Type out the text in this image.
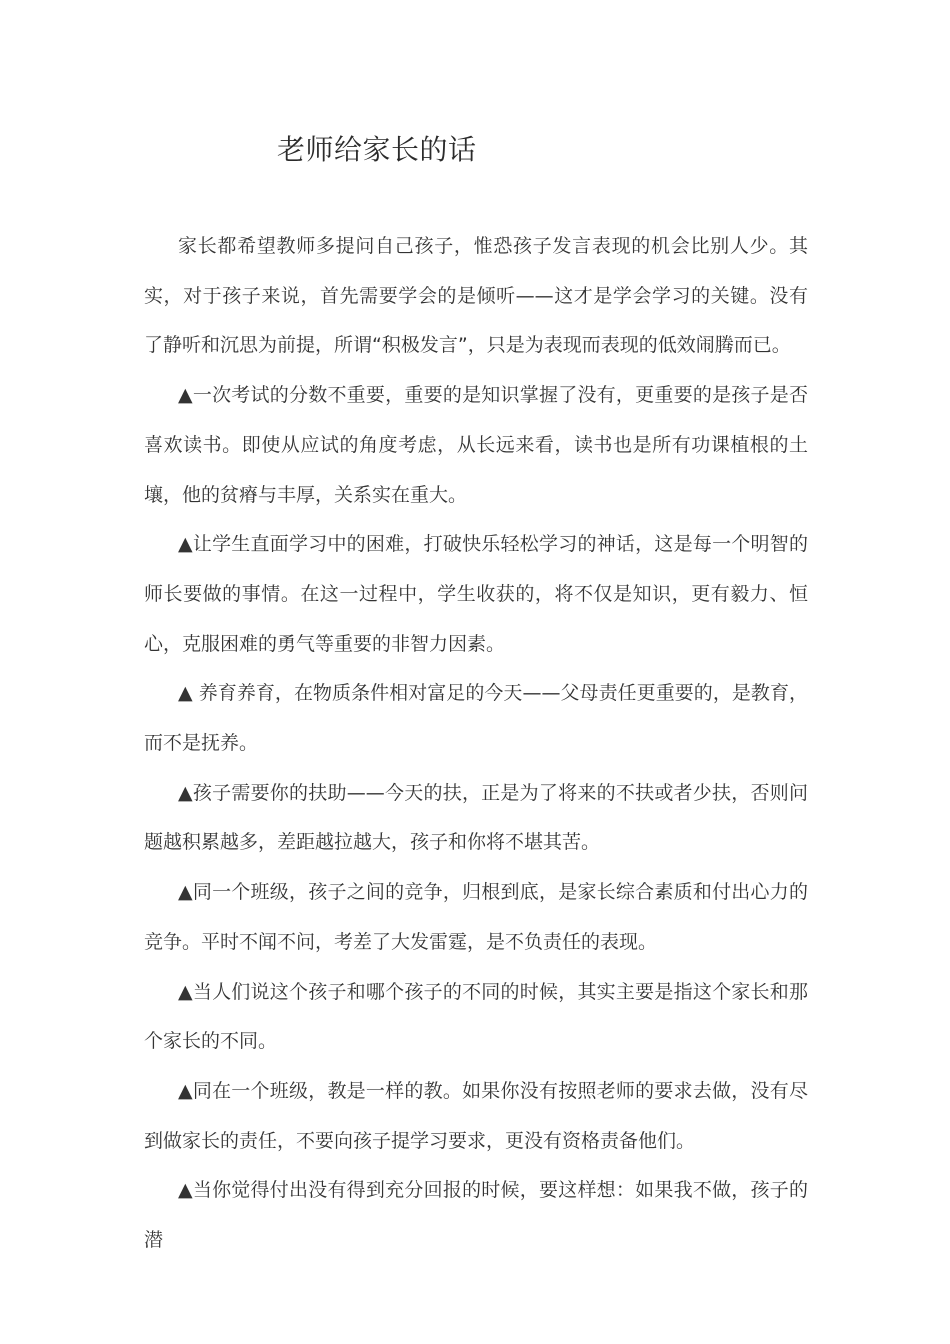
老师给家长的话

家长都希望教师多提问自己孩子，惟恐孩子发言表现的机会比别人少。其实，对于孩子来说，首先需要学会的是倾听——这才是学会学习的关键。没有了静听和沉思为前提，所谓“积极发言”，只是为表现而表现的低效闹腾而已。

▲一次考试的分数不重要，重要的是知识掌握了没有，更重要的是孩子是否喜欢读书。即使从应试的角度考虑，从长远来看，读书也是所有功课植根的土壤，他的贫瘠与丰厚，关系实在重大。

▲让学生直面学习中的困难，打破快乐轻松学习的神话，这是每一个明智的师长要做的事情。在这一过程中，学生收获的，将不仅是知识，更有毅力、恒心，克服困难的勇气等重要的非智力因素。

▲ 养育养育，在物质条件相对富足的今天——父母责任更重要的，是教育，而不是抚养。

▲孩子需要你的扶助——今天的扶，正是为了将来的不扶或者少扶，否则问题越积累越多，差距越拉越大，孩子和你将不堪其苦。

▲同一个班级，孩子之间的竞争，归根到底，是家长综合素质和付出心力的竞争。平时不闻不问，考差了大发雷霆，是不负责任的表现。

▲当人们说这个孩子和哪个孩子的不同的时候，其实主要是指这个家长和那个家长的不同。

▲同在一个班级，教是一样的教。如果你没有按照老师的要求去做，没有尽到做家长的责任，不要向孩子提学习要求，更没有资格责备他们。

▲当你觉得付出没有得到充分回报的时候，要这样想：如果我不做，孩子的潜
